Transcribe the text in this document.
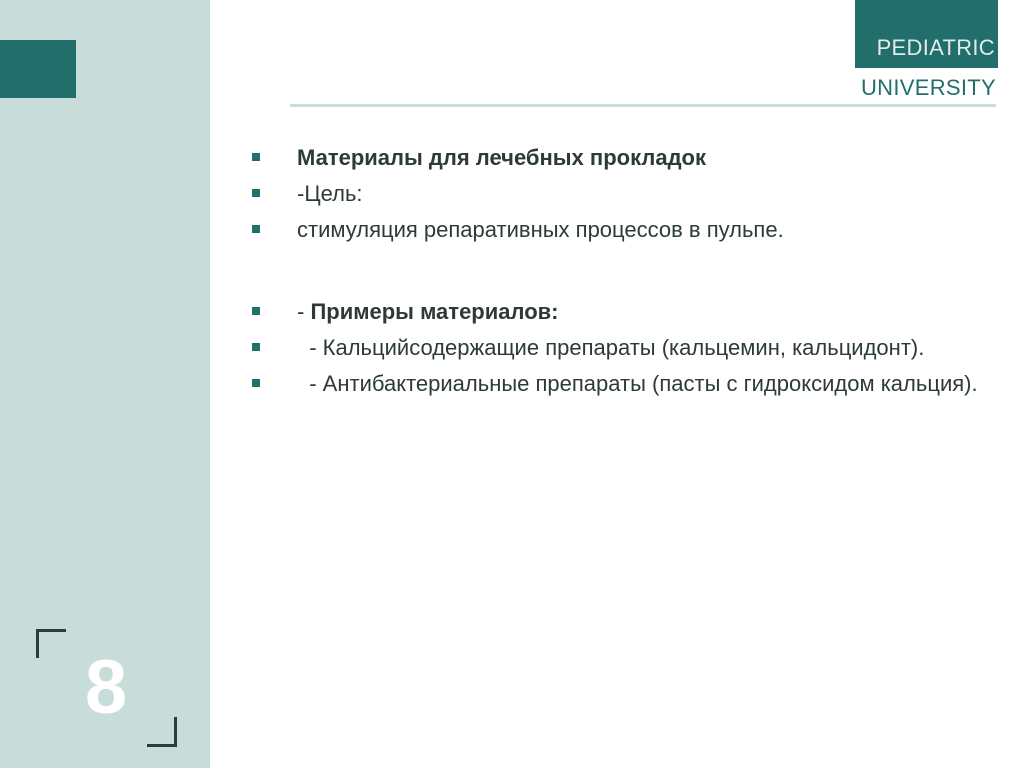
8
PEDIATRIC
UNIVERSITY
Материалы для лечебных прокладок
-Цель:
стимуляция репаративных процессов в пульпе.
- Примеры материалов:
- Кальцийсодержащие препараты (кальцемин, кальцидонт).
- Антибактериальные препараты (пасты с гидроксидом кальция).
